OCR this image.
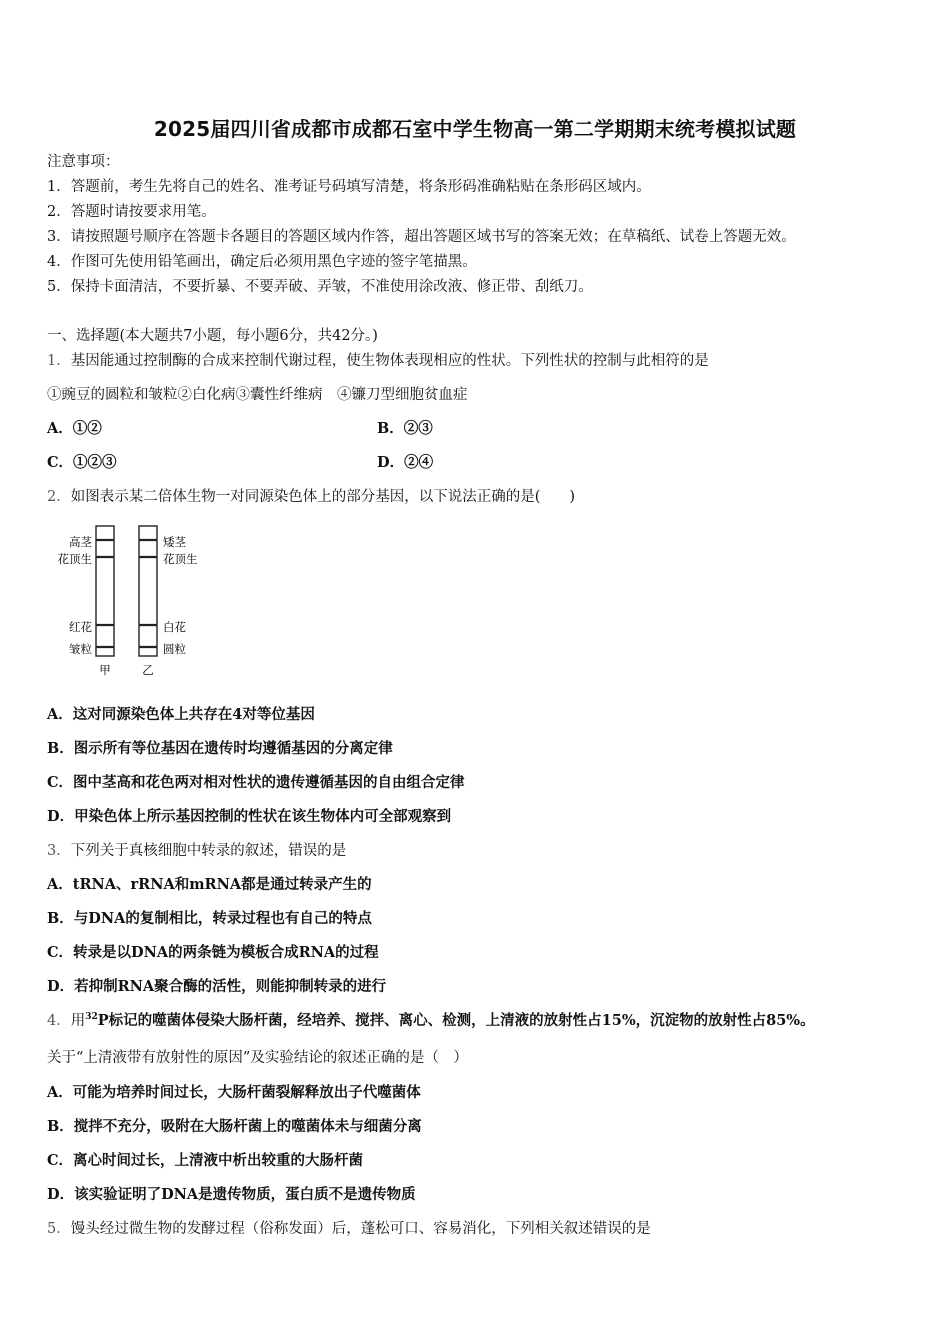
2025届四川省成都市成都石室中学生物高一第二学期期末统考模拟试题
注意事项：
1．答题前，考生先将自己的姓名、准考证号码填写清楚，将条形码准确粘贴在条形码区域内。
2．答题时请按要求用笔。
3．请按照题号顺序在答题卡各题目的答题区域内作答，超出答题区域书写的答案无效；在草稿纸、试卷上答题无效。
4．作图可先使用铅笔画出，确定后必须用黑色字迹的签字笔描黑。
5．保持卡面清洁，不要折暴、不要弄破、弄皱，不准使用涂改液、修正带、刮纸刀。
一、选择题(本大题共7小题，每小题6分，共42分。)
1．基因能通过控制酶的合成来控制代谢过程，使生物体表现相应的性状。下列性状的控制与此相符的是
①豌豆的圆粒和皱粒②白化病③囊性纤维病　④镰刀型细胞贫血症
A．①②	B．②③
C．①②③	D．②④
2．如图表示某二倍体生物一对同源染色体上的部分基因，以下说法正确的是(　　)
高茎
花顶生
红花
皱粒
矮茎
花顶生
白花
圆粒
甲	乙
A．这对同源染色体上共存在4对等位基因
B．图示所有等位基因在遗传时均遵循基因的分离定律
C．图中茎高和花色两对相对性状的遗传遵循基因的自由组合定律
D．甲染色体上所示基因控制的性状在该生物体内可全部观察到
3．下列关于真核细胞中转录的叙述，错误的是
A．tRNA、rRNA和mRNA都是通过转录产生的
B．与DNA的复制相比，转录过程也有自己的特点
C．转录是以DNA的两条链为模板合成RNA的过程
D．若抑制RNA聚合酶的活性，则能抑制转录的进行
4．用$^{32}$P标记的噬菌体侵染大肠杆菌，经培养、搅拌、离心、检测，上清液的放射性占15%，沉淀物的放射性占85%。
关于“上清液带有放射性的原因”及实验结论的叙述正确的是（　）
A．可能为培养时间过长，大肠杆菌裂解释放出子代噬菌体
B．搅拌不充分，吸附在大肠杆菌上的噬菌体未与细菌分离
C．离心时间过长，上清液中析出较重的大肠杆菌
D．该实验证明了DNA是遗传物质，蛋白质不是遗传物质
5．馒头经过微生物的发酵过程（俗称发面）后，蓬松可口、容易消化，下列相关叙述错误的是
